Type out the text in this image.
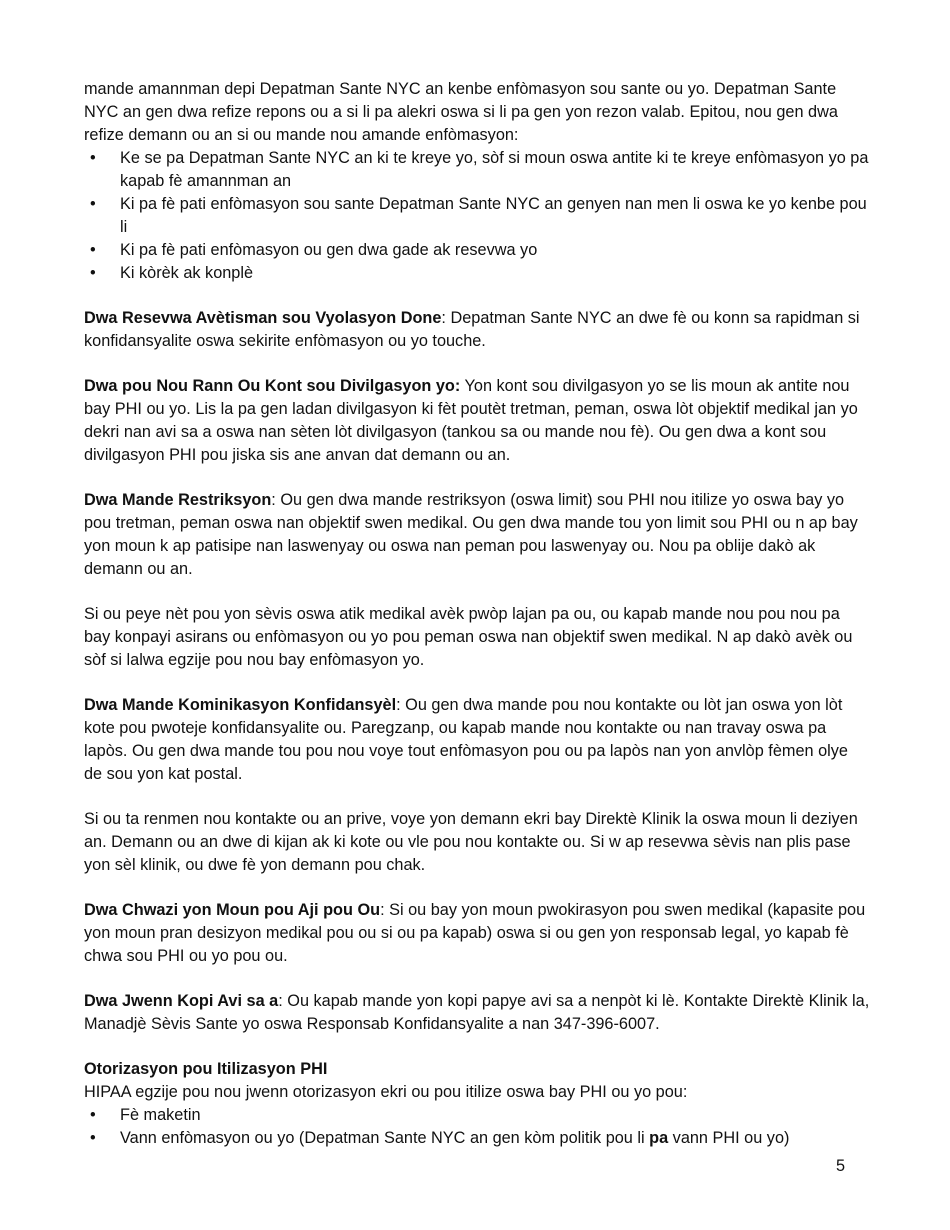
mande amannman depi Depatman Sante NYC an kenbe enfòmasyon sou sante ou yo. Depatman Sante NYC an gen dwa refize repons ou a si li pa alekri oswa si li pa gen yon rezon valab. Epitou, nou gen dwa refize demann ou an si ou mande nou amande enfòmasyon:

• Ke se pa Depatman Sante NYC an ki te kreye yo, sòf si moun oswa antite ki te kreye enfòmasyon yo pa kapab fè amannman an
• Ki pa fè pati enfòmasyon sou sante Depatman Sante NYC an genyen nan men li oswa ke yo kenbe pou li
• Ki pa fè pati enfòmasyon ou gen dwa gade ak resevwa yo
• Ki kòrèk ak konplè

Dwa Resevwa Avètisman sou Vyolasyon Done: Depatman Sante NYC an dwe fè ou konn sa rapidman si konfidansyalite oswa sekirite enfòmasyon ou yo touche.

Dwa pou Nou Rann Ou Kont sou Divilgasyon yo: Yon kont sou divilgasyon yo se lis moun ak antite nou bay PHI ou yo. Lis la pa gen ladan divilgasyon ki fèt poutèt tretman, peman, oswa lòt objektif medikal jan yo dekri nan avi sa a oswa nan sèten lòt divilgasyon (tankou sa ou mande nou fè). Ou gen dwa a kont sou divilgasyon PHI pou jiska sis ane anvan dat demann ou an.

Dwa Mande Restriksyon: Ou gen dwa mande restriksyon (oswa limit) sou PHI nou itilize yo oswa bay yo pou tretman, peman oswa nan objektif swen medikal. Ou gen dwa mande tou yon limit sou PHI ou n ap bay yon moun k ap patisipe nan laswenyay ou oswa nan peman pou laswenyay ou. Nou pa oblije dakò ak demann ou an.

Si ou peye nèt pou yon sèvis oswa atik medikal avèk pwòp lajan pa ou, ou kapab mande nou pou nou pa bay konpayi asirans ou enfòmasyon ou yo pou peman oswa nan objektif swen medikal. N ap dakò avèk ou sòf si lalwa egzije pou nou bay enfòmasyon yo.

Dwa Mande Kominikasyon Konfidansyèl: Ou gen dwa mande pou nou kontakte ou lòt jan oswa yon lòt kote pou pwoteje konfidansyalite ou. Paregzanp, ou kapab mande nou kontakte ou nan travay oswa pa lapòs. Ou gen dwa mande tou pou nou voye tout enfòmasyon pou ou pa lapòs nan yon anvlòp fèmen olye de sou yon kat postal.

Si ou ta renmen nou kontakte ou an prive, voye yon demann ekri bay Direktè Klinik la oswa moun li deziyen an. Demann ou an dwe di kijan ak ki kote ou vle pou nou kontakte ou. Si w ap resevwa sèvis nan plis pase yon sèl klinik, ou dwe fè yon demann pou chak.

Dwa Chwazi yon Moun pou Aji pou Ou: Si ou bay yon moun pwokirasyon pou swen medikal (kapasite pou yon moun pran desizyon medikal pou ou si ou pa kapab) oswa si ou gen yon responsab legal, yo kapab fè chwa sou PHI ou yo pou ou.

Dwa Jwenn Kopi Avi sa a: Ou kapab mande yon kopi papye avi sa a nenpòt ki lè. Kontakte Direktè Klinik la, Manadjè Sèvis Sante yo oswa Responsab Konfidansyalite a nan 347-396-6007.

Otorizasyon pou Itilizasyon PHI

HIPAA egzije pou nou jwenn otorizasyon ekri ou pou itilize oswa bay PHI ou yo pou:

• Fè maketin
• Vann enfòmasyon ou yo (Depatman Sante NYC an gen kòm politik pou li pa vann PHI ou yo)
5
